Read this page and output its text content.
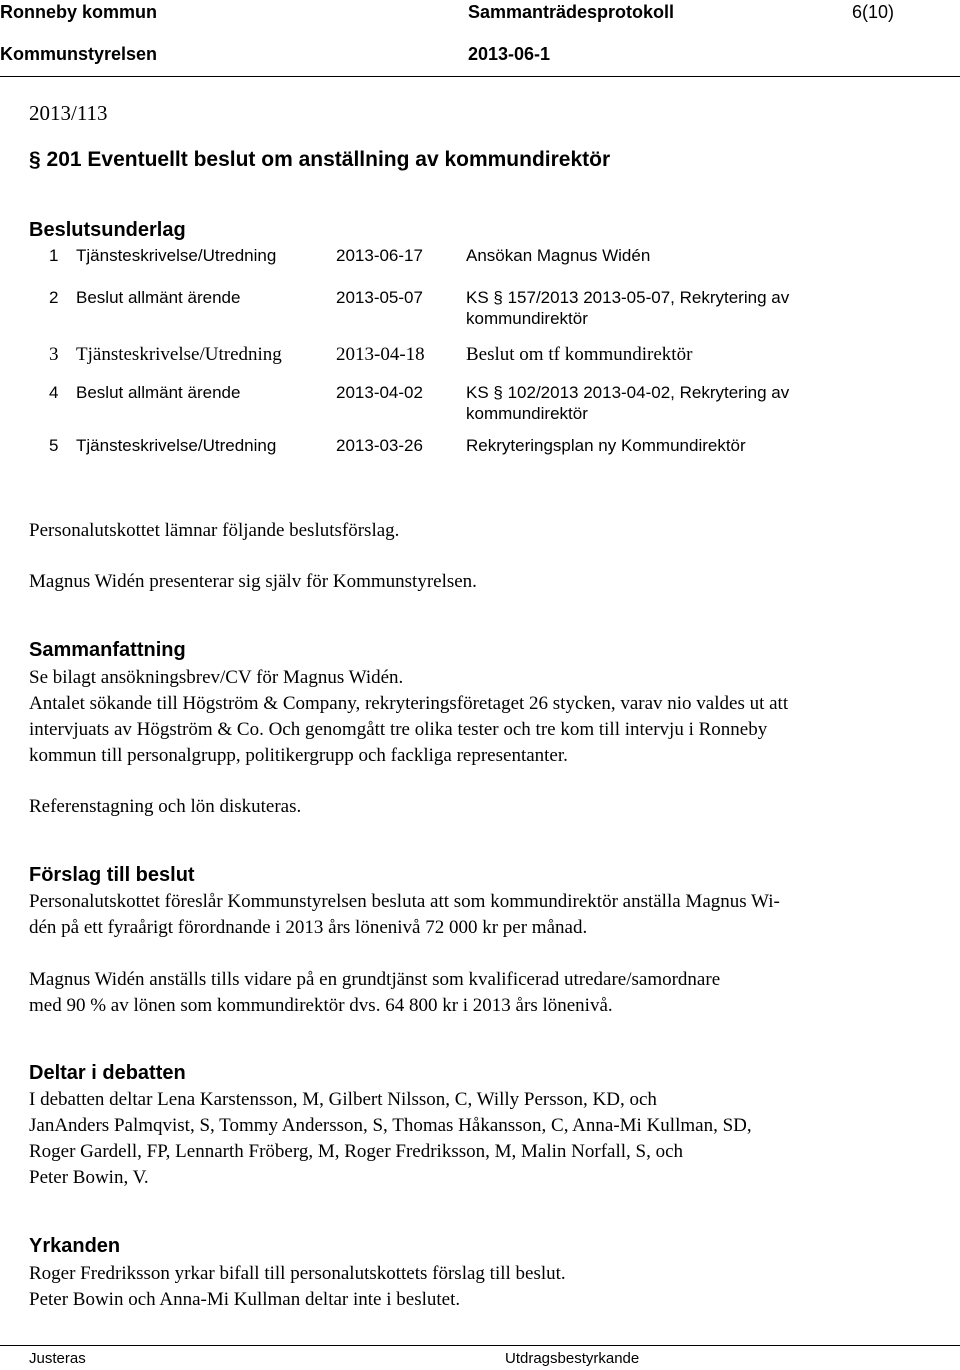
Ronneby kommun	Sammanträdesprotokoll	6(10)
Kommunstyrelsen	2013-06-1
2013/113
§ 201 Eventuellt beslut om anställning av kommundirektör
Beslutsunderlag
1 Tjänsteskrivelse/Utredning	2013-06-17	Ansökan Magnus Widén
2 Beslut allmänt ärende	2013-05-07	KS § 157/2013 2013-05-07, Rekrytering av
kommundirektör
3 Tjänsteskrivelse/Utredning	2013-04-18 Beslut om tf kommundirektör
4 Beslut allmänt ärende	2013-04-02	KS § 102/2013 2013-04-02, Rekrytering av
kommundirektör
5 Tjänsteskrivelse/Utredning	2013-03-26	Rekryteringsplan ny Kommundirektör
Personalutskottet lämnar följande beslutsförslag.
Magnus Widén presenterar sig själv för Kommunstyrelsen.
Sammanfattning
Se bilagt ansökningsbrev/CV för Magnus Widén.
Antalet sökande till Högström & Company, rekryteringsföretaget 26 stycken, varav nio valdes ut att
intervjuats av Högström & Co. Och genomgått tre olika tester och tre kom till intervju i Ronneby
kommun till personalgrupp, politikergrupp och fackliga representanter.
Referenstagning och lön diskuteras.
Förslag till beslut
Personalutskottet föreslår Kommunstyrelsen besluta att som kommundirektör anställa Magnus Wi-
dén på ett fyraårigt förordnande i 2013 års lönenivå 72 000 kr per månad.
Magnus Widén anställs tills vidare på en grundtjänst som kvalificerad utredare/samordnare
med 90 % av lönen som kommundirektör dvs. 64 800 kr i 2013 års lönenivå.
Deltar i debatten
I debatten deltar Lena Karstensson, M, Gilbert Nilsson, C, Willy Persson, KD, och
JanAnders Palmqvist, S, Tommy Andersson, S, Thomas Håkansson, C, Anna-Mi Kullman, SD,
Roger Gardell, FP, Lennarth Fröberg, M, Roger Fredriksson, M, Malin Norfall, S, och
Peter Bowin, V.
Yrkanden
Roger Fredriksson yrkar bifall till personalutskottets förslag till beslut.
Peter Bowin och Anna-Mi Kullman deltar inte i beslutet.
Justeras	Utdragsbestyrkande
